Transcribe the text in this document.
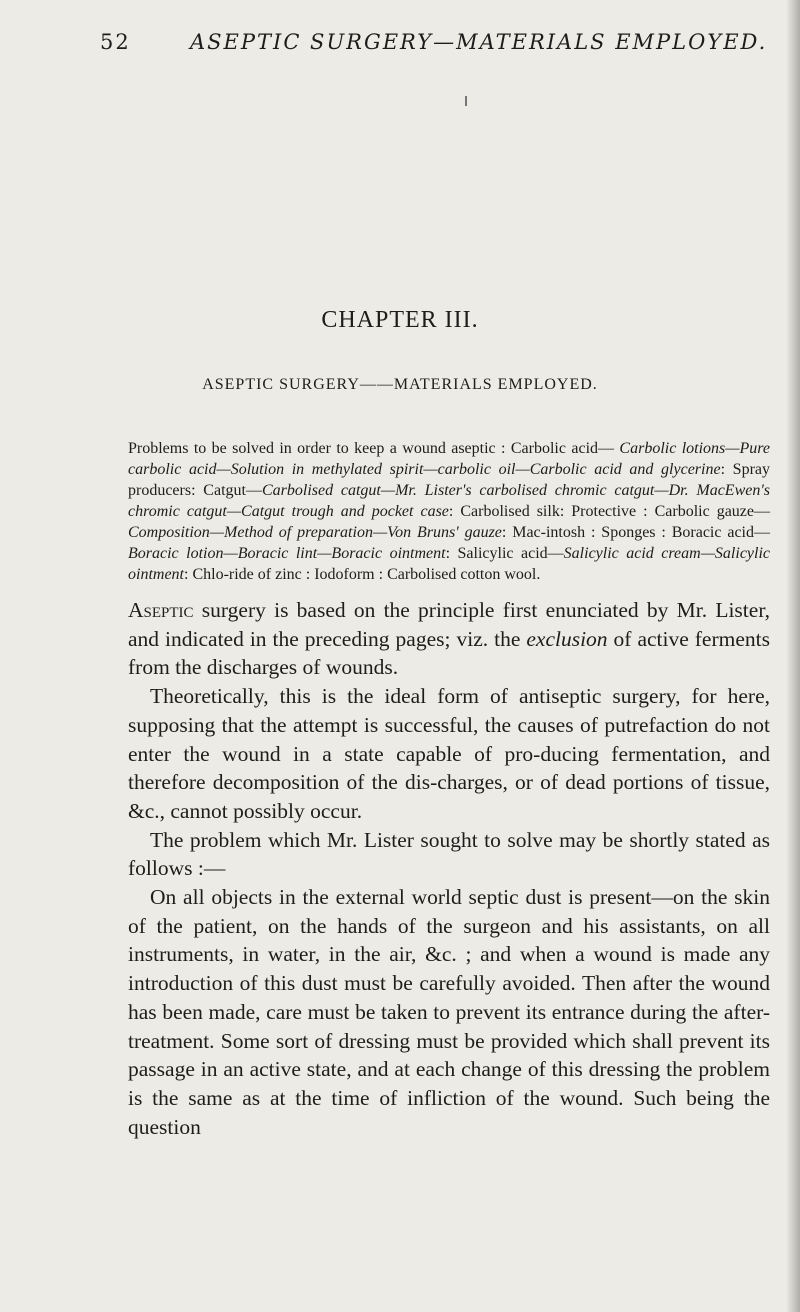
52	ASEPTIC SURGERY—MATERIALS EMPLOYED.
CHAPTER III.
ASEPTIC SURGERY——MATERIALS EMPLOYED.
Problems to be solved in order to keep a wound aseptic : Carbolic acid— Carbolic lotions—Pure carbolic acid—Solution in methylated spirit—carbolic oil—Carbolic acid and glycerine: Spray producers: Catgut—Carbolised catgut—Mr. Lister's carbolised chromic catgut—Dr. MacEwen's chromic catgut—Catgut trough and pocket case: Carbolised silk: Protective : Carbolic gauze—Composition—Method of preparation—Von Bruns' gauze: Mac-intosh : Sponges : Boracic acid—Boracic lotion—Boracic lint—Boracic ointment: Salicylic acid—Salicylic acid cream—Salicylic ointment: Chlo-ride of zinc : Iodoform : Carbolised cotton wool.

Aseptic surgery is based on the principle first enunciated by Mr. Lister, and indicated in the preceding pages; viz. the exclusion of active ferments from the discharges of wounds.

Theoretically, this is the ideal form of antiseptic surgery, for here, supposing that the attempt is successful, the causes of putrefaction do not enter the wound in a state capable of pro-ducing fermentation, and therefore decomposition of the dis-charges, or of dead portions of tissue, &c., cannot possibly occur.

The problem which Mr. Lister sought to solve may be shortly stated as follows :—

On all objects in the external world septic dust is present—on the skin of the patient, on the hands of the surgeon and his assistants, on all instruments, in water, in the air, &c. ; and when a wound is made any introduction of this dust must be carefully avoided. Then after the wound has been made, care must be taken to prevent its entrance during the after-treatment. Some sort of dressing must be provided which shall prevent its passage in an active state, and at each change of this dressing the problem is the same as at the time of infliction of the wound. Such being the question
